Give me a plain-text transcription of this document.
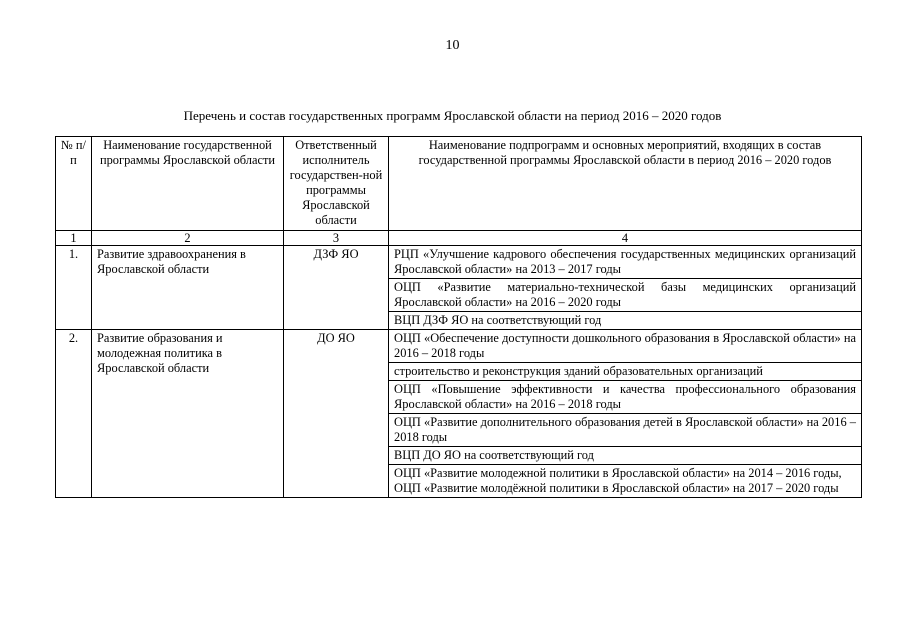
10
Перечень и состав государственных программ Ярославской области на период 2016 – 2020 годов
№ п/п	Наименование государственной программы Ярославской области	Ответственный исполнитель государствен-ной программы Ярославской области	Наименование подпрограмм и основных мероприятий, входящих в состав государственной программы Ярославской области в период 2016 – 2020 годов
1	2	3	4
1.	Развитие здравоохранения в Ярославской области	ДЗФ ЯО	РЦП «Улучшение кадрового обеспечения государственных медицинских организаций Ярославской области» на 2013 – 2017 годы
			ОЦП «Развитие материально-технической базы медицинских организаций Ярославской области» на 2016 – 2020 годы
			ВЦП ДЗФ ЯО на соответствующий год
2.	Развитие образования и молодежная политика в Ярославской области	ДО ЯО	ОЦП «Обеспечение доступности дошкольного образования в Ярославской области» на 2016 – 2018 годы
			строительство и реконструкция зданий образовательных организаций
			ОЦП «Повышение эффективности и качества профессионального образования Ярославской области» на 2016 – 2018 годы
			ОЦП «Развитие дополнительного образования детей в Ярославской области» на 2016 – 2018 годы
			ВЦП ДО ЯО на соответствующий год

			ОЦП «Развитие молодежной политики в Ярославской области» на 2014 – 2016 годы,
ОЦП «Развитие молодёжной политики в Ярославской области» на 2017 – 2020 годы
